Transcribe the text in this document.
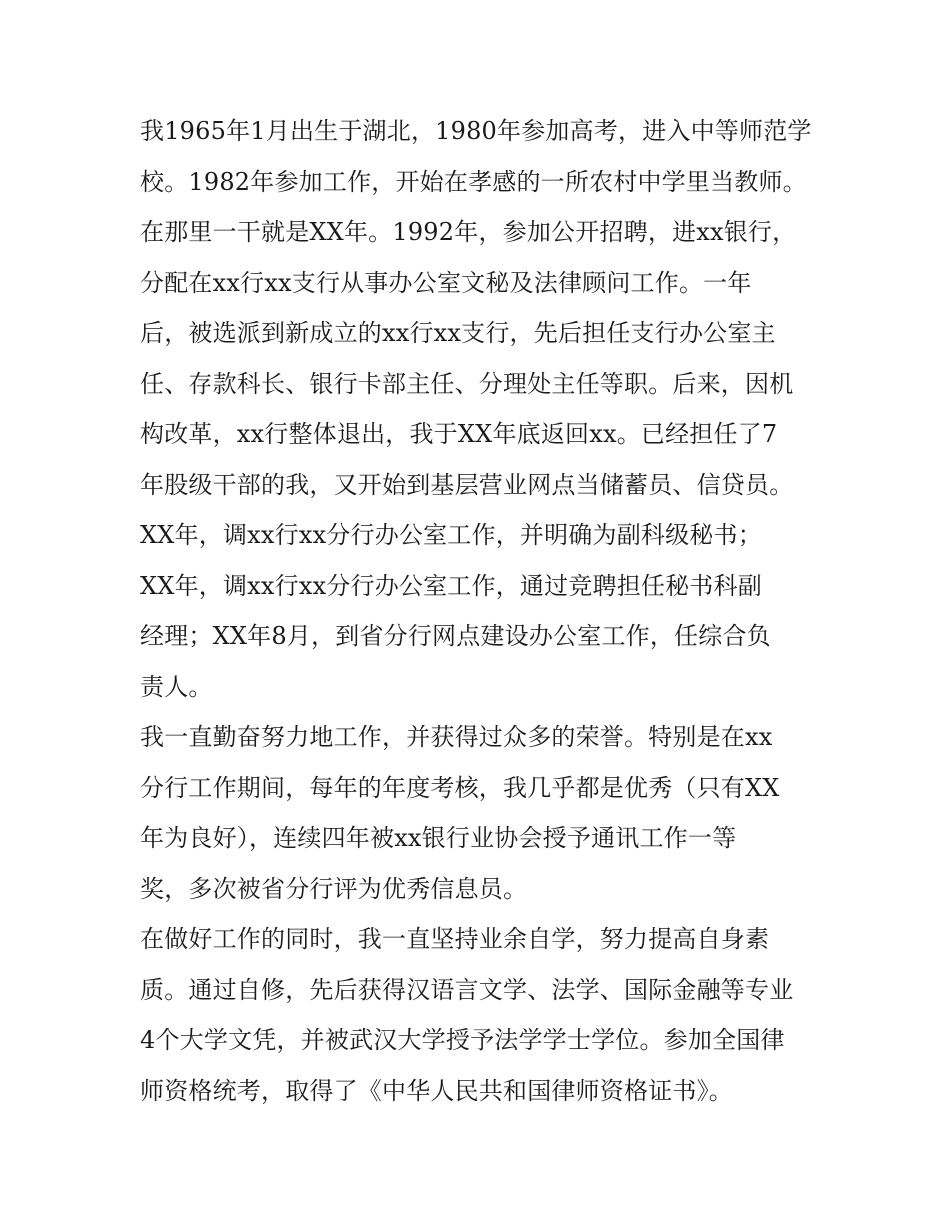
我1965年1月出生于湖北，1980年参加高考，进入中等师范学
校。1982年参加工作，开始在孝感的一所农村中学里当教师。
在那里一干就是XX年。1992年，参加公开招聘，进xx银行，
分配在xx行xx支行从事办公室文秘及法律顾问工作。一年
后，被选派到新成立的xx行xx支行，先后担任支行办公室主
任、存款科长、银行卡部主任、分理处主任等职。后来，因机
构改革，xx行整体退出，我于XX年底返回xx。已经担任了7
年股级干部的我，又开始到基层营业网点当储蓄员、信贷员。
XX年，调xx行xx分行办公室工作，并明确为副科级秘书；
XX年，调xx行xx分行办公室工作，通过竞聘担任秘书科副
经理；XX年8月，到省分行网点建设办公室工作，任综合负
责人。
我一直勤奋努力地工作，并获得过众多的荣誉。特别是在xx
分行工作期间，每年的年度考核，我几乎都是优秀（只有XX
年为良好），连续四年被xx银行业协会授予通讯工作一等
奖，多次被省分行评为优秀信息员。
在做好工作的同时，我一直坚持业余自学，努力提高自身素
质。通过自修，先后获得汉语言文学、法学、国际金融等专业
4个大学文凭，并被武汉大学授予法学学士学位。参加全国律
师资格统考，取得了《中华人民共和国律师资格证书》。
